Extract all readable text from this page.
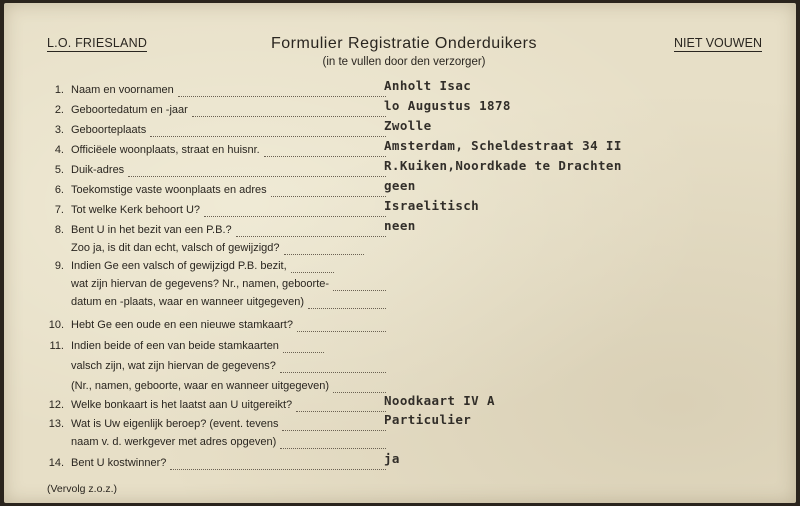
L.O. FRIESLAND	Formulier Registratie Onderduikers
(in te vullen door den verzorger)
NIET VOUWEN
1. Naam en voornamen	Anholt Isac
2. Geboortedatum en -jaar	lo Augustus 1878
3. Geboorteplaats	Zwolle
4. Officiëele woonplaats, straat en huisnr.	Amsterdam, Scheldestraat 34 II
5. Duik-adres	R.Kuiken,Noordkade te Drachten
6. Toekomstige vaste woonplaats en adres	geen
7. Tot welke Kerk behoort U?	Israelitisch
8. Bent U in het bezit van een P.B.?	neen
Zoo ja, is dit dan echt, valsch of gewijzigd?
9. Indien Ge een valsch of gewijzigd P.B. bezit,
wat zijn hiervan de gegevens? Nr., namen, geboorte-
datum en -plaats, waar en wanneer uitgegeven)
10. Hebt Ge een oude en een nieuwe stamkaart?
11. Indien beide of een van beide stamkaarten
valsch zijn, wat zijn hiervan de gegevens?
(Nr., namen, geboorte, waar en wanneer uitgegeven)
12. Welke bonkaart is het laatst aan U uitgereikt?	Noodkaart IV A
13. Wat is Uw eigenlijk beroep? (event. tevens	Particulier
naam v. d. werkgever met adres opgeven)
14. Bent U kostwinner?	ja
(Vervolg z.o.z.)
